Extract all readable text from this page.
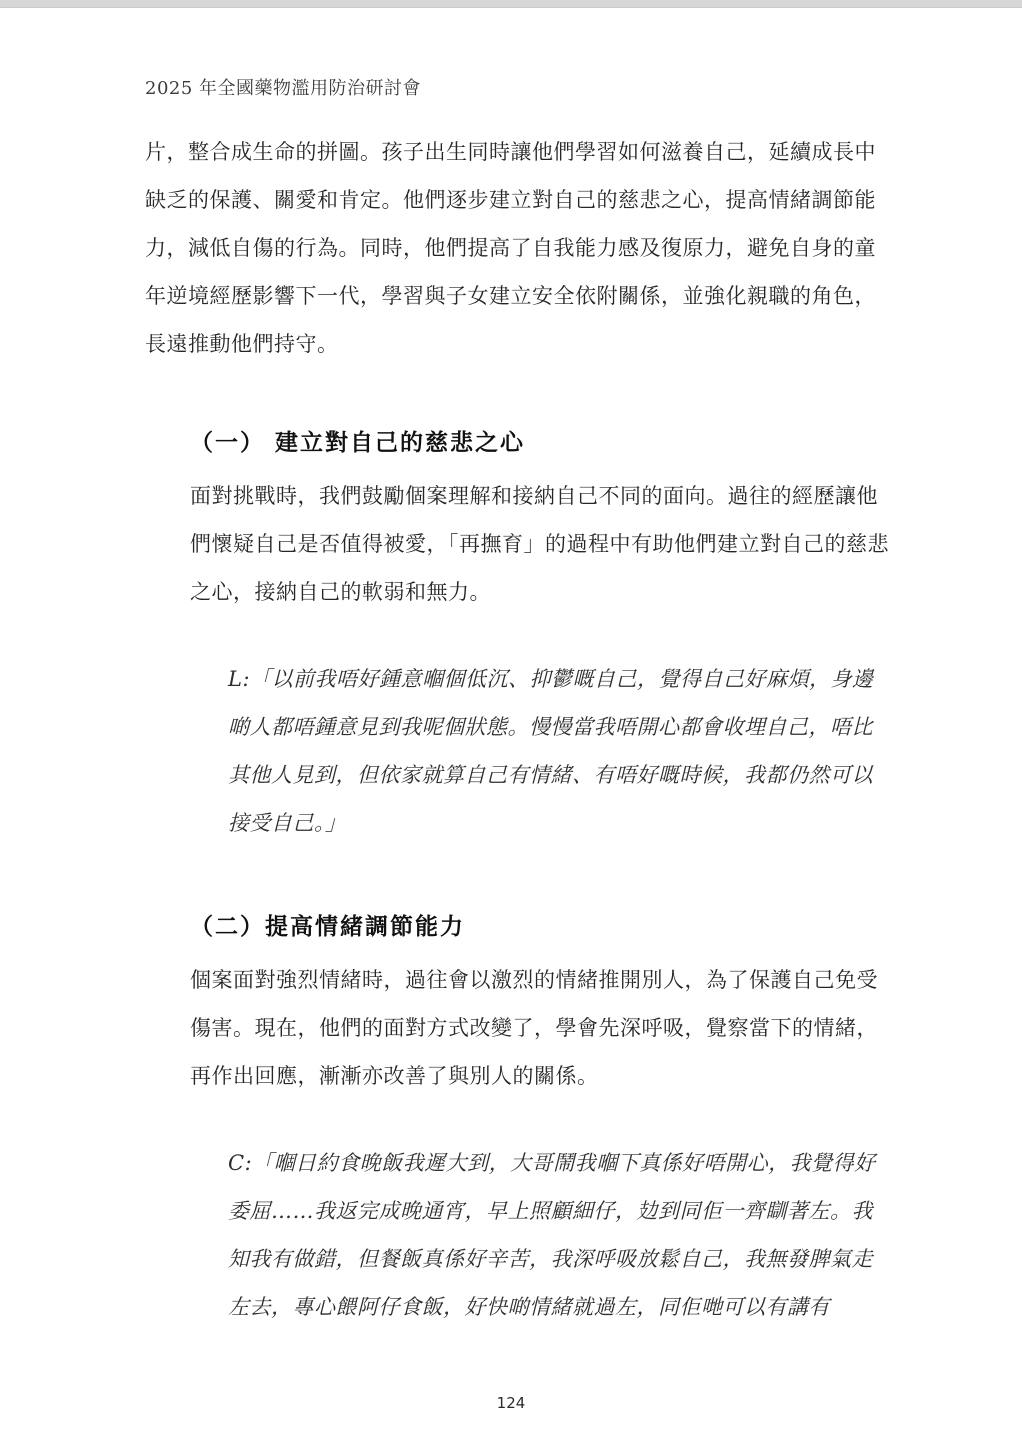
2025 年全國藥物濫用防治研討會
片，整合成生命的拼圖。孩子出生同時讓他們學習如何滋養自己，延續成長中
缺乏的保護、關愛和肯定。他們逐步建立對自己的慈悲之心，提高情緒調節能
力，減低自傷的行為。同時，他們提高了自我能力感及復原力，避免自身的童
年逆境經歷影響下一代，學習與子女建立安全依附關係，並強化親職的角色，
長遠推動他們持守。
（一） 建立對自己的慈悲之心
面對挑戰時，我們鼓勵個案理解和接納自己不同的面向。過往的經歷讓他
們懷疑自己是否值得被愛，「再撫育」的過程中有助他們建立對自己的慈悲
之心，接納自己的軟弱和無力。
L:「以前我唔好鍾意嗰個低沉、抑鬱嘅自己，覺得自己好麻煩，身邊
啲人都唔鍾意見到我呢個狀態。慢慢當我唔開心都會收埋自己，唔比
其他人見到，但依家就算自己有情緒、有唔好嘅時候，我都仍然可以
接受自己。」
（二）提高情緒調節能力
個案面對強烈情緒時，過往會以激烈的情緒推開別人，為了保護自己免受
傷害。現在，他們的面對方式改變了，學會先深呼吸，覺察當下的情緒，
再作出回應，漸漸亦改善了與別人的關係。
C:「嗰日約食晚飯我遲大到，大哥鬧我嗰下真係好唔開心，我覺得好
委屈……我返完成晚通宵，早上照顧細仔，攰到同佢一齊瞓著左。我
知我有做錯，但餐飯真係好辛苦，我深呼吸放鬆自己，我無發脾氣走
左去，專心餵阿仔食飯，好快啲情緒就過左，同佢哋可以有講有
124
